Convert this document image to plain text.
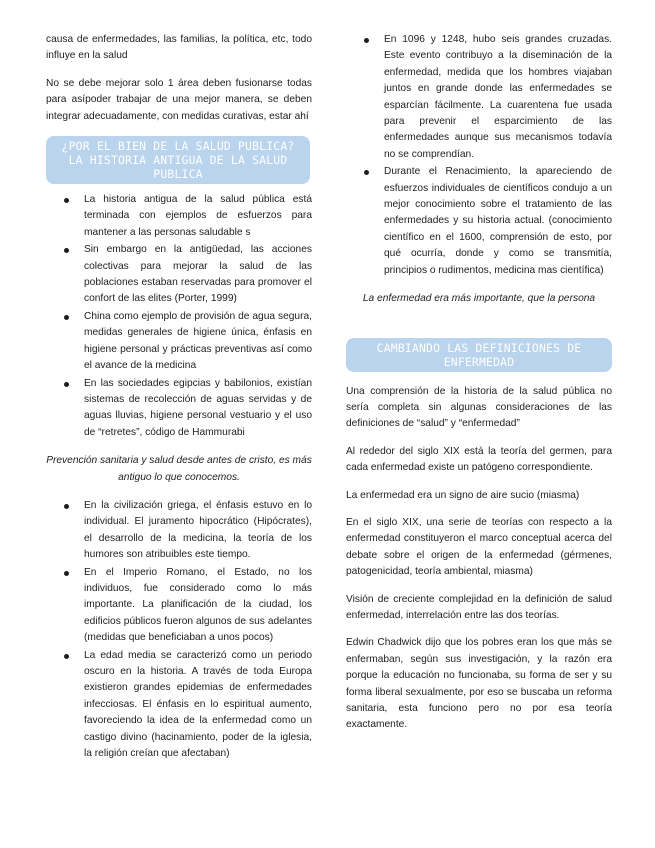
causa de enfermedades, las familias, la política, etc, todo influye en la salud

No se debe mejorar solo 1 área deben fusionarse todas para asípoder trabajar de una mejor manera, se deben integrar adecuadamente, con medidas curativas, estar ahí

¿POR EL BIEN DE LA SALUD PUBLICA? LA HISTORIA ANTIGUA DE LA SALUD PUBLICA
La historia antigua de la salud pública está terminada con ejemplos de esfuerzos para mantener a las personas saludable s
Sin embargo en la antigüedad, las acciones colectivas para mejorar la salud de las poblaciones estaban reservadas para promover el confort de las elites (Porter, 1999)
China como ejemplo de provisión de agua segura, medidas generales de higiene única, énfasis en higiene personal y prácticas preventivas así como el avance de la medicina
En las sociedades egipcias y babilonios, existían sistemas de recolección de aguas servidas y de aguas lluvias, higiene personal vestuario y el uso de “retretes”, código de Hammurabi

Prevención sanitaria y salud desde antes de cristo, es más antiguo lo que conocemos.

En la civilización griega, el énfasis estuvo en lo individual. El juramento hipocrático (Hipócrates), el desarrollo de la medicina, la teoría de los humores son atribuibles este tiempo.
En el Imperio Romano, el Estado, no los individuos, fue considerado como lo más importante. La planificación de la ciudad, los edificios públicos fueron algunos de sus adelantes (medidas que beneficiaban a unos pocos)
La edad media se caracterizó como un periodo oscuro en la historia. A través de toda Europa existieron grandes epidemias de enfermedades infecciosas. El énfasis en lo espiritual aumento, favoreciendo la idea de la enfermedad como un castigo divino (hacinamiento, poder de la iglesia, la religión creían que afectaban)
En 1096 y 1248, hubo seis grandes cruzadas. Este evento contribuyo a la diseminación de la enfermedad, medida que los hombres viajaban juntos en grande donde las enfermedades se esparcían fácilmente. La cuarentena fue usada para prevenir el esparcimiento de las enfermedades aunque sus mecanismos todavía no se comprendían.
Durante el Renacimiento, la apareciendo de esfuerzos individuales de científicos condujo a un mejor conocimiento sobre el tratamiento de las enfermedades y su historia actual. (conocimiento científico en el 1600, comprensión de esto, por qué ocurría, donde y como se transmitía, principios o rudimentos, medicina mas científica)

La enfermedad era más importante, que la persona

CAMBIANDO LAS DEFINICIONES DE ENFERMEDAD

Una comprensión de la historia de la salud pública no sería completa sin algunas consideraciones de las definiciones de “salud” y “enfermedad”

Al rededor del siglo XIX está la teoría del germen, para cada enfermedad existe un patógeno correspondiente.

La enfermedad era un signo de aire sucio (miasma)

En el siglo XIX, una serie de teorías con respecto a la enfermedad constituyeron el marco conceptual acerca del debate sobre el origen de la enfermedad (gérmenes, patogenicidad, teoría ambiental, miasma)

Visión de creciente complejidad en la definición de salud enfermedad, interrelación entre las dos teorías.

Edwin Chadwick dijo que los pobres eran los que más se enfermaban, según sus investigación, y la razón era porque la educación no funcionaba, su forma de ser y su forma liberal sexualmente, por eso se buscaba un reforma sanitaria, esta funciono pero no por esa teoría exactamente.
